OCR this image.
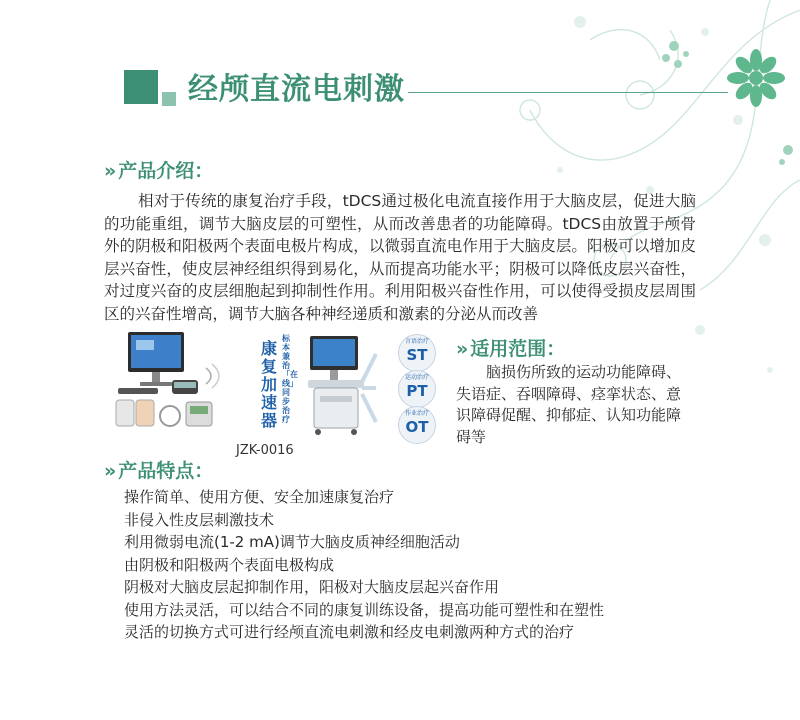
经颅直流电刺激
» 产品介绍：
相对于传统的康复治疗手段，tDCS通过极化电流直接作用于大脑皮层，促进大脑的功能重组，调节大脑皮层的可塑性，从而改善患者的功能障碍。tDCS由放置于颅骨外的阴极和阳极两个表面电极片构成，以微弱直流电作用于大脑皮层。阳极可以增加皮层兴奋性，使皮层神经组织得到易化，从而提高功能水平；阴极可以降低皮层兴奋性，对过度兴奋的皮层细胞起到抑制性作用。利用阳极兴奋性作用，可以使得受损皮层周围区的兴奋性增高，调节大脑各种神经递质和激素的分泌从而改善
康
复
加
速
器
标本兼治「在线」同步治疗
言语治疗
ST
运动治疗
PT
作业治疗
OT
JZK-0016
» 适用范围：
脑损伤所致的运动功能障碍、失语症、吞咽障碍、痉挛状态、意识障碍促醒、抑郁症、认知功能障碍等
» 产品特点：
操作简单、使用方便、安全加速康复治疗
非侵入性皮层刺激技术
利用微弱电流(1-2 mA)调节大脑皮质神经细胞活动
由阴极和阳极两个表面电极构成
阴极对大脑皮层起抑制作用，阳极对大脑皮层起兴奋作用
使用方法灵活，可以结合不同的康复训练设备，提高功能可塑性和在塑性
灵活的切换方式可进行经颅直流电刺激和经皮电刺激两种方式的治疗
